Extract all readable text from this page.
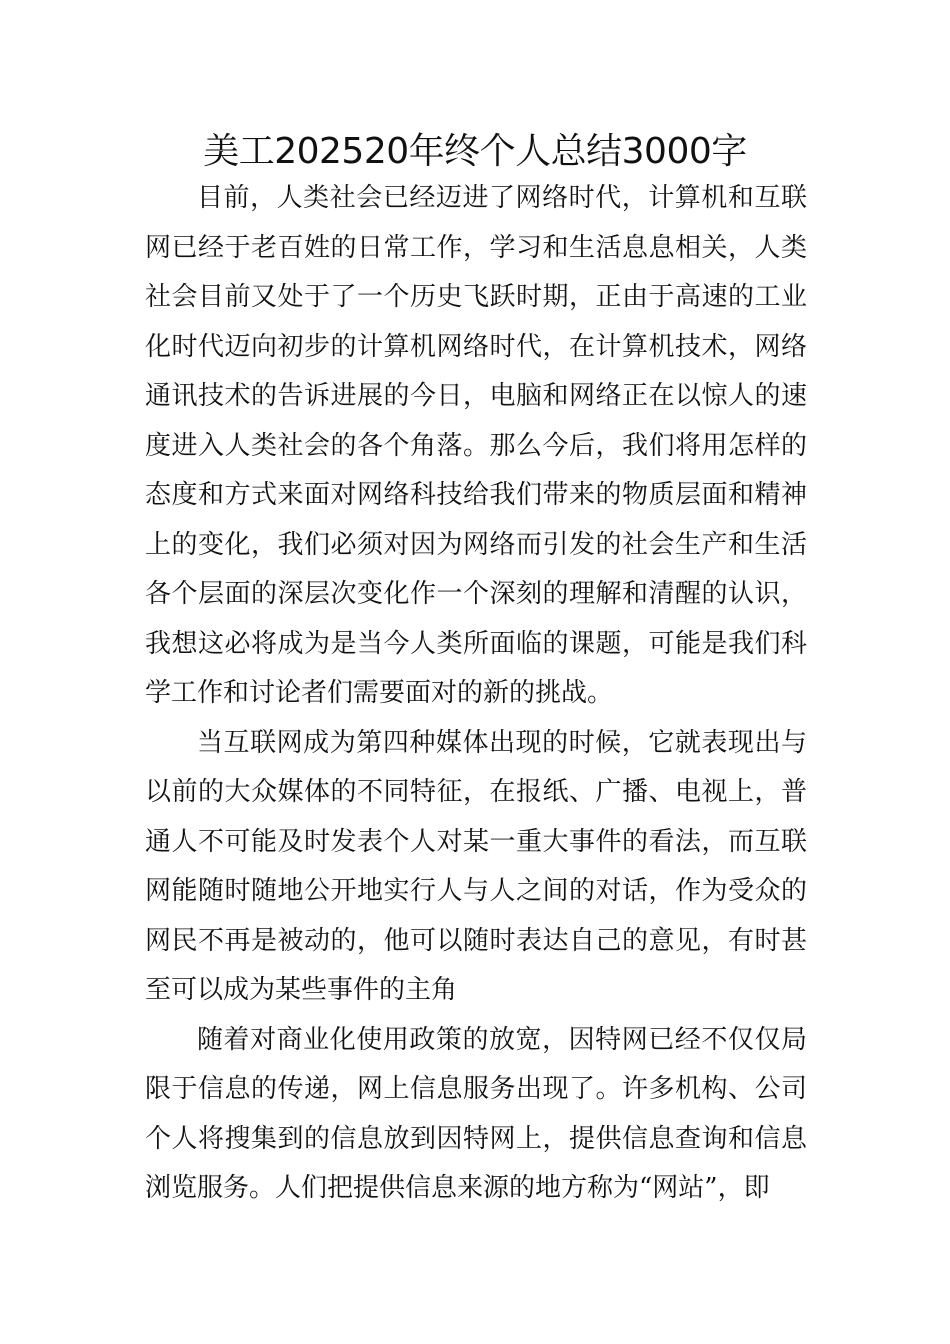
美工202520年终个人总结3000字

目前，人类社会已经迈进了网络时代，计算机和互联网已经于老百姓的日常工作，学习和生活息息相关，人类社会目前又处于了一个历史飞跃时期，正由于高速的工业化时代迈向初步的计算机网络时代，在计算机技术，网络通讯技术的告诉进展的今日，电脑和网络正在以惊人的速度进入人类社会的各个角落。那么今后，我们将用怎样的态度和方式来面对网络科技给我们带来的物质层面和精神上的变化，我们必须对因为网络而引发的社会生产和生活各个层面的深层次变化作一个深刻的理解和清醒的认识，我想这必将成为是当今人类所面临的课题，可能是我们科学工作和讨论者们需要面对的新的挑战。

当互联网成为第四种媒体出现的时候，它就表现出与以前的大众媒体的不同特征，在报纸、广播、电视上，普通人不可能及时发表个人对某一重大事件的看法，而互联网能随时随地公开地实行人与人之间的对话，作为受众的网民不再是被动的，他可以随时表达自己的意见，有时甚至可以成为某些事件的主角

随着对商业化使用政策的放宽，因特网已经不仅仅局限于信息的传递，网上信息服务出现了。许多机构、公司个人将搜集到的信息放到因特网上，提供信息查询和信息浏览服务。人们把提供信息来源的地方称为“网站”，即
